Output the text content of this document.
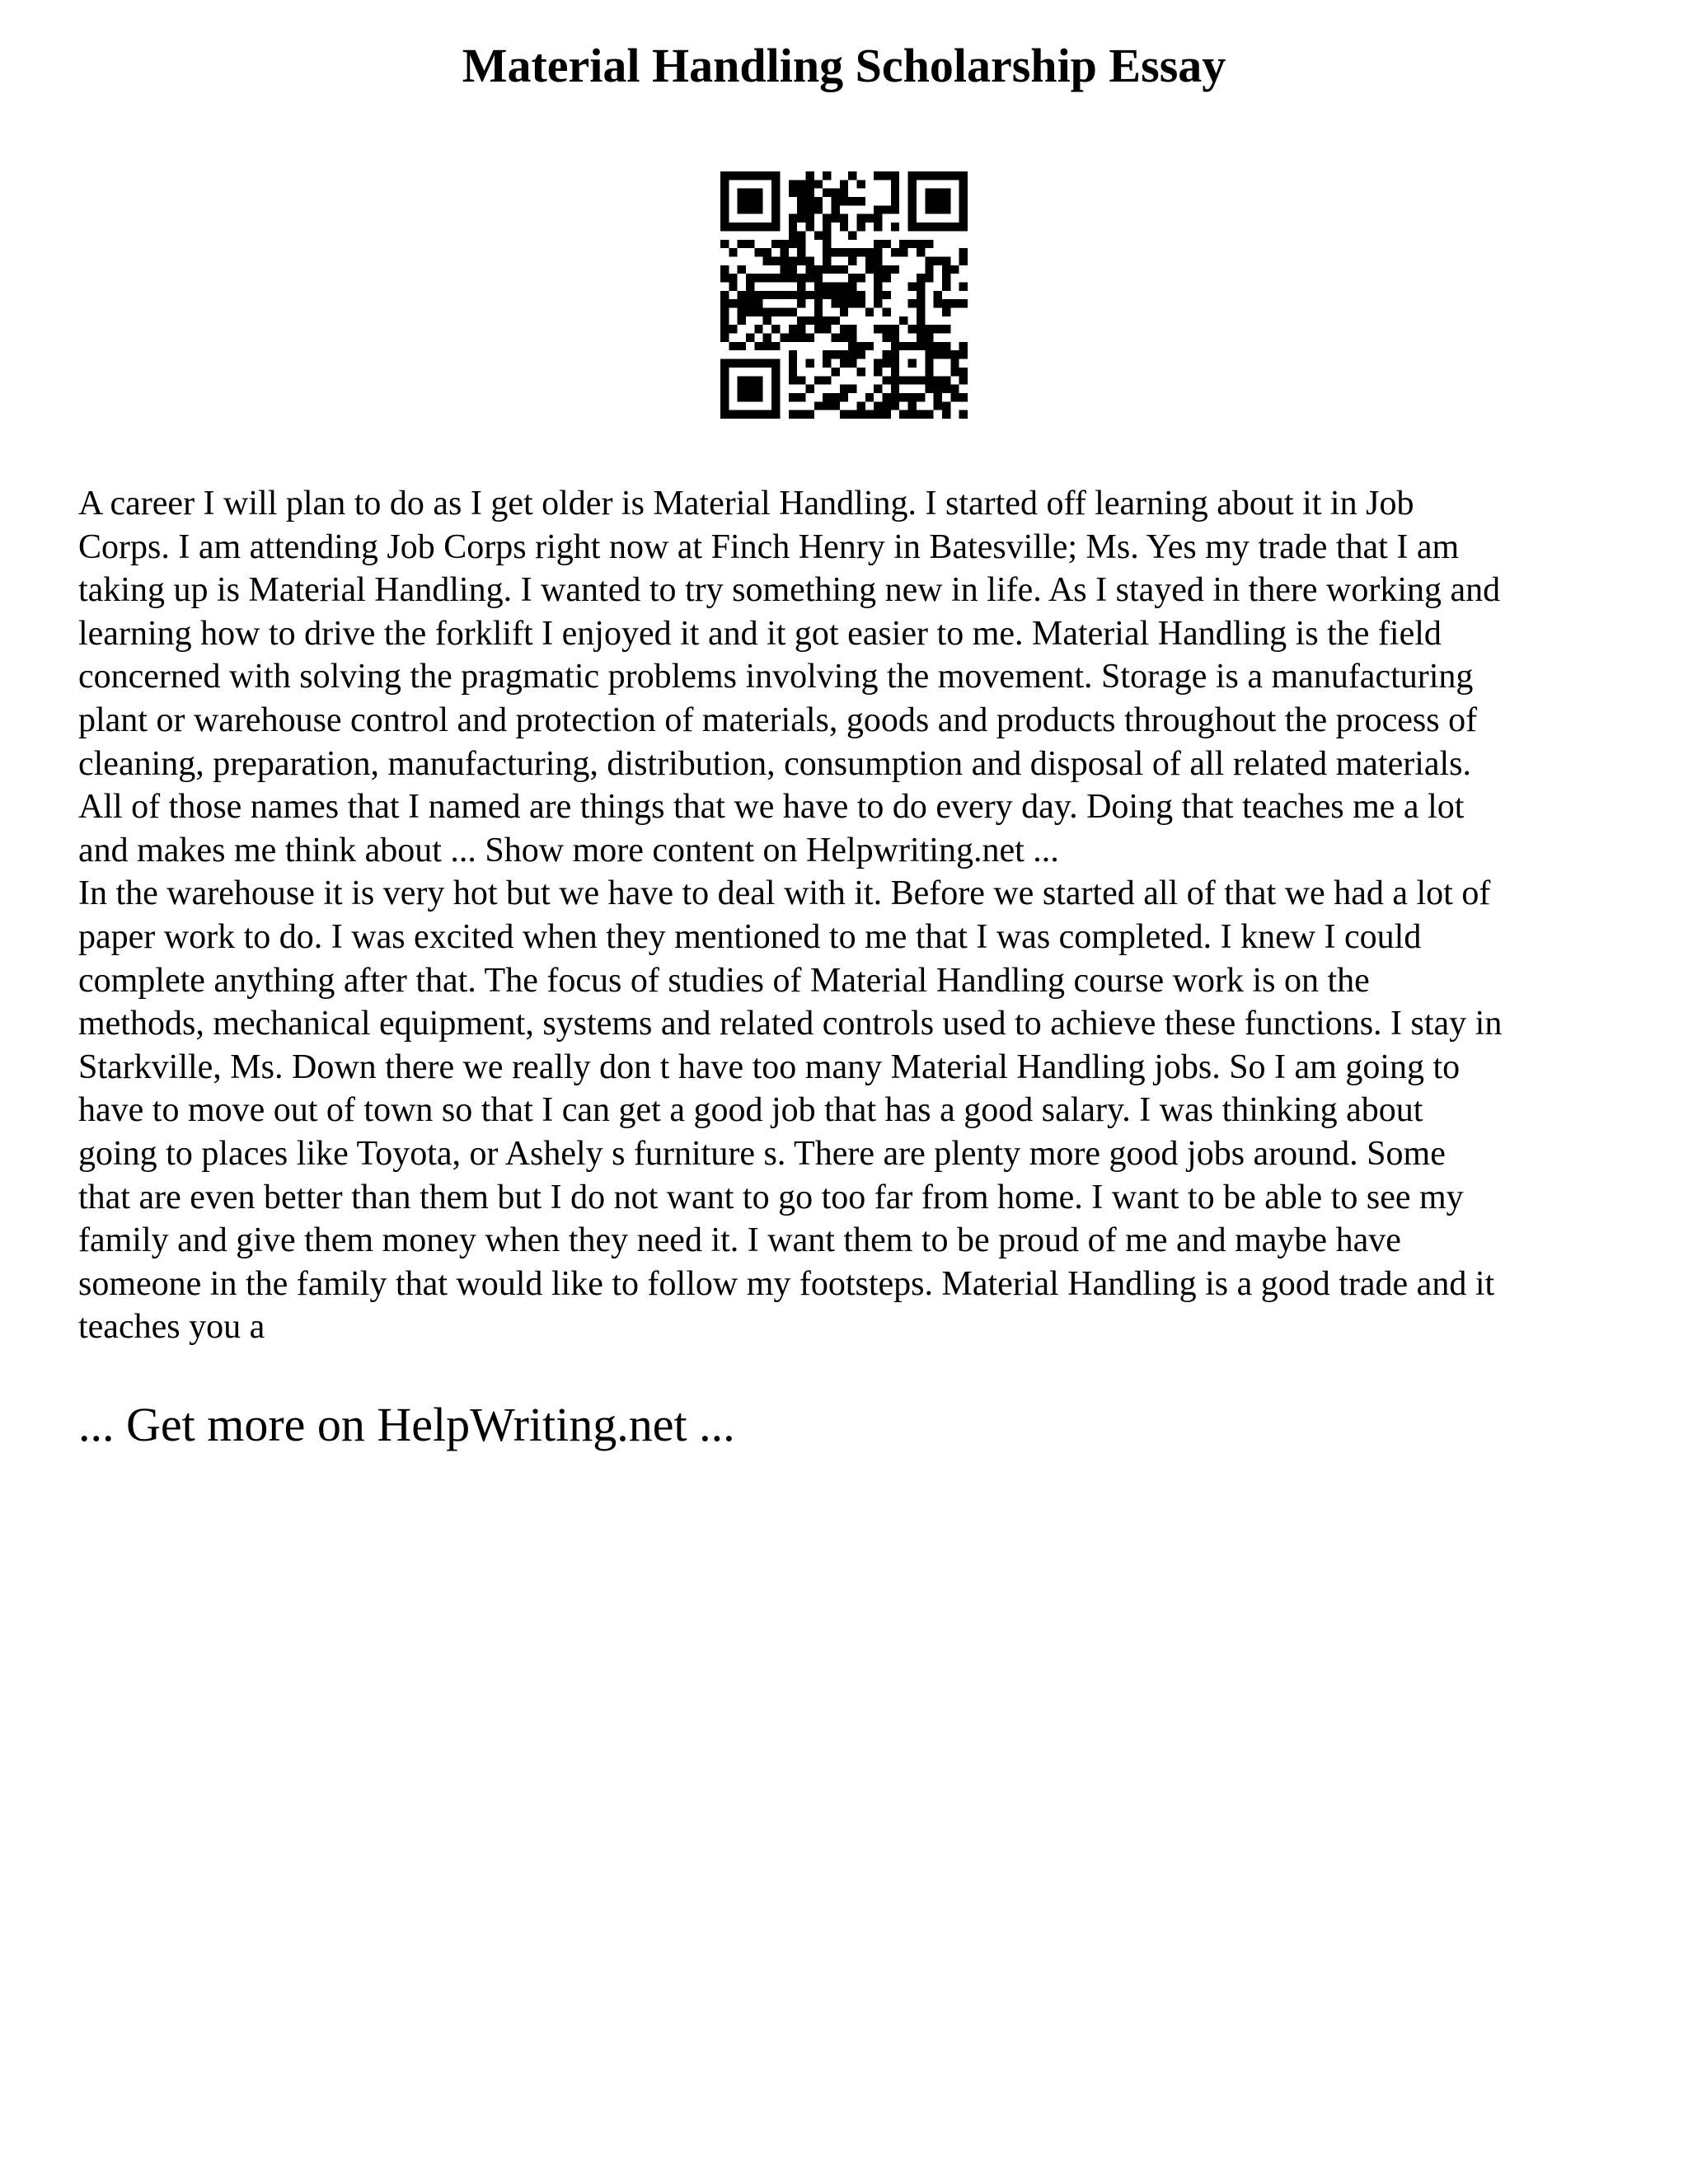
Material Handling Scholarship Essay
A career I will plan to do as I get older is Material Handling. I started off learning about it in Job
Corps. I am attending Job Corps right now at Finch Henry in Batesville; Ms. Yes my trade that I am
taking up is Material Handling. I wanted to try something new in life. As I stayed in there working and
learning how to drive the forklift I enjoyed it and it got easier to me. Material Handling is the field
concerned with solving the pragmatic problems involving the movement. Storage is a manufacturing
plant or warehouse control and protection of materials, goods and products throughout the process of
cleaning, preparation, manufacturing, distribution, consumption and disposal of all related materials.
All of those names that I named are things that we have to do every day. Doing that teaches me a lot
and makes me think about ... Show more content on Helpwriting.net ...
In the warehouse it is very hot but we have to deal with it. Before we started all of that we had a lot of
paper work to do. I was excited when they mentioned to me that I was completed. I knew I could
complete anything after that. The focus of studies of Material Handling course work is on the
methods, mechanical equipment, systems and related controls used to achieve these functions. I stay in
Starkville, Ms. Down there we really don t have too many Material Handling jobs. So I am going to
have to move out of town so that I can get a good job that has a good salary. I was thinking about
going to places like Toyota, or Ashely s furniture s. There are plenty more good jobs around. Some
that are even better than them but I do not want to go too far from home. I want to be able to see my
family and give them money when they need it. I want them to be proud of me and maybe have
someone in the family that would like to follow my footsteps. Material Handling is a good trade and it
teaches you a
... Get more on HelpWriting.net ...
